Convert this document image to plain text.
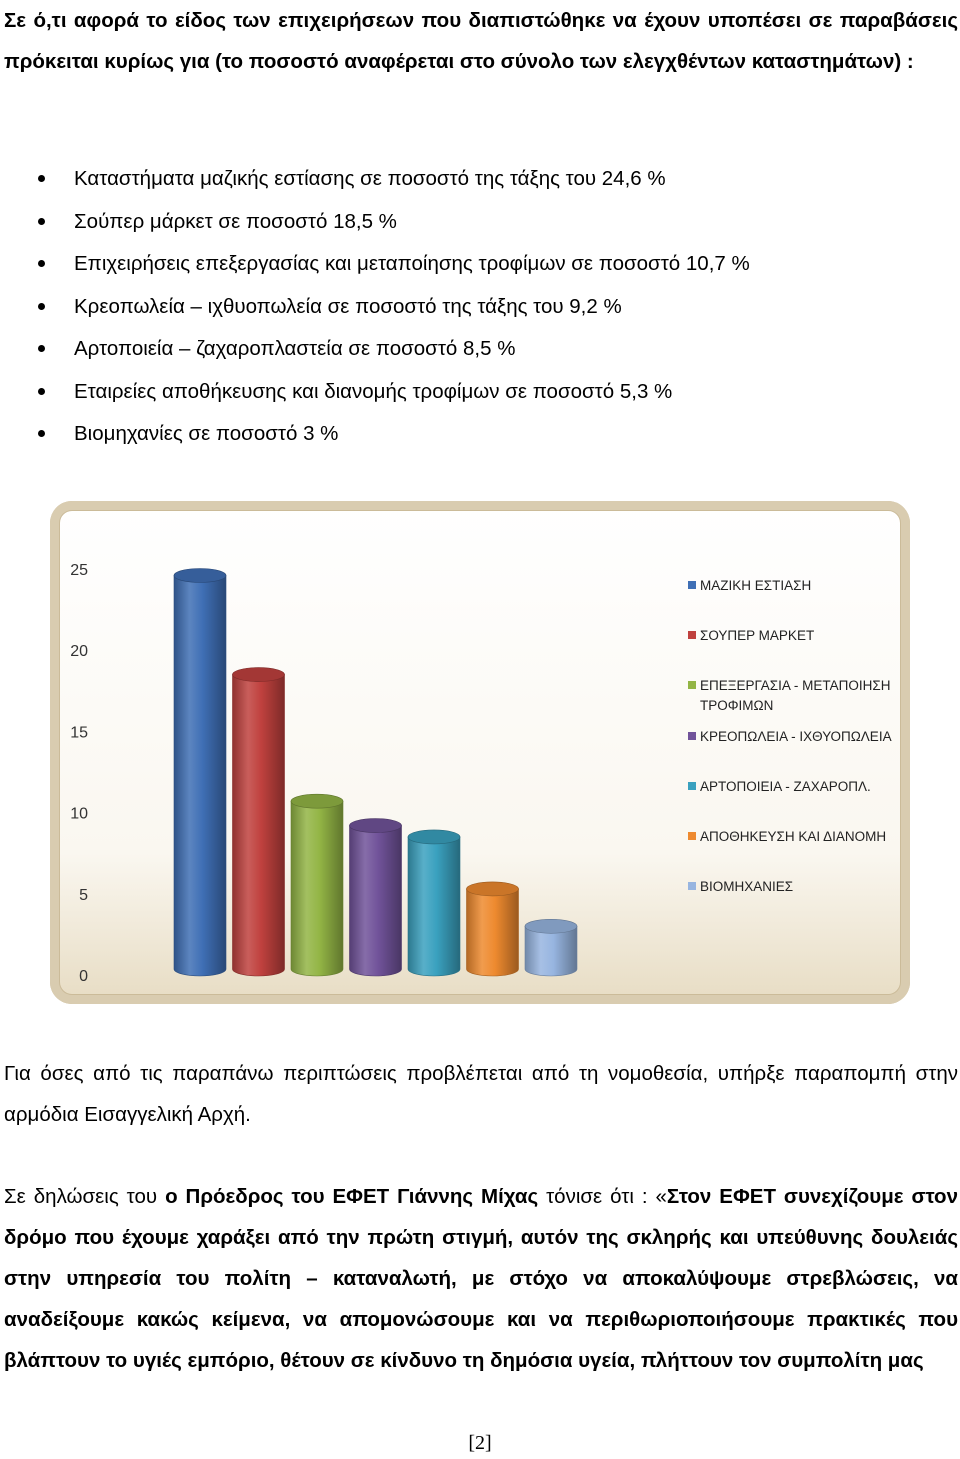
Σε ό,τι αφορά το είδος των επιχειρήσεων που διαπιστώθηκε να έχουν υποπέσει σε παραβάσεις πρόκειται κυρίως για (το ποσοστό αναφέρεται στο σύνολο των ελεγχθέντων καταστημάτων) :

Καταστήματα μαζικής εστίασης σε ποσοστό της τάξης του 24,6 %
Σούπερ μάρκετ σε ποσοστό 18,5 %
Επιχειρήσεις επεξεργασίας και μεταποίησης τροφίμων σε ποσοστό 10,7 %
Κρεοπωλεία – ιχθυοπωλεία σε ποσοστό της τάξης του 9,2 %
Αρτοποιεία – ζαχαροπλαστεία σε ποσοστό 8,5 %
Εταιρείες αποθήκευσης και διανομής τροφίμων σε ποσοστό 5,3 %
Βιομηχανίες σε ποσοστό 3 %
0
5
10
15
20
25
ΜΑΖΙΚΗ ΕΣΤΙΑΣΗ
ΣΟΥΠΕΡ ΜΑΡΚΕΤ
ΕΠΕΞΕΡΓΑΣΙΑ - ΜΕΤΑΠΟΙΗΣΗ
ΤΡΟΦΙΜΩΝ
ΚΡΕΟΠΩΛΕΙΑ - ΙΧΘΥΟΠΩΛΕΙΑ
ΑΡΤΟΠΟΙΕΙΑ - ΖΑΧΑΡΟΠΛ.
ΑΠΟΘΗΚΕΥΣΗ ΚΑΙ ΔΙΑΝΟΜΗ
ΒΙΟΜΗΧΑΝΙΕΣ

Για όσες από τις παραπάνω περιπτώσεις προβλέπεται από τη νομοθεσία, υπήρξε παραπομπή στην αρμόδια Εισαγγελική Αρχή.

Σε δηλώσεις του ο Πρόεδρος του ΕΦΕΤ Γιάννης Μίχας τόνισε ότι : «Στον ΕΦΕΤ συνεχίζουμε στον δρόμο που έχουμε χαράξει από την πρώτη στιγμή, αυτόν της σκληρής και υπεύθυνης δουλειάς στην υπηρεσία του πολίτη – καταναλωτή, με στόχο να αποκαλύψουμε στρεβλώσεις, να αναδείξουμε κακώς κείμενα, να απομονώσουμε και να περιθωριοποιήσουμε πρακτικές που βλάπτουν το υγιές εμπόριο, θέτουν σε κίνδυνο τη δημόσια υγεία, πλήττουν τον συμπολίτη μας

[2]
